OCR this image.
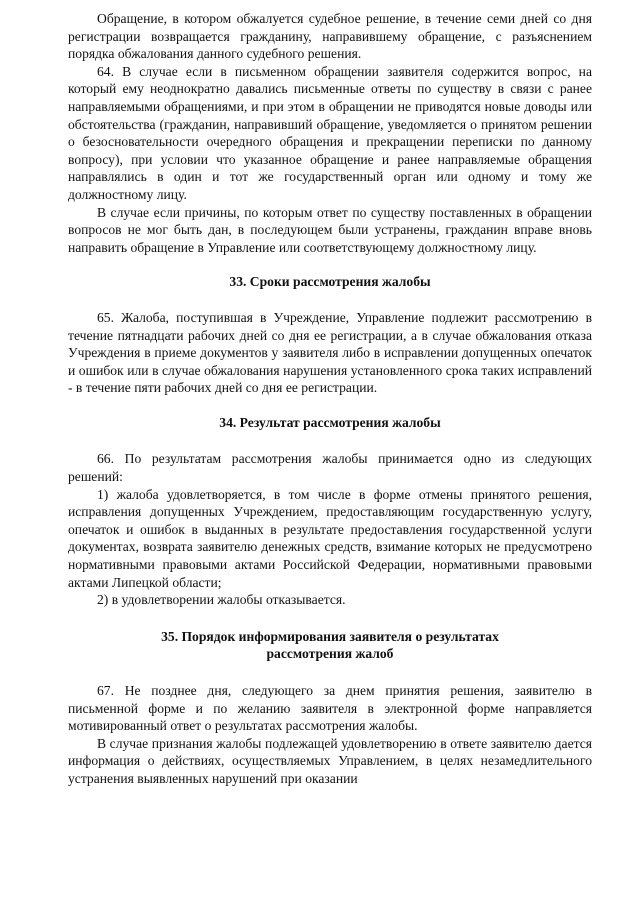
Обращение, в котором обжалуется судебное решение, в течение семи дней со дня регистрации возвращается гражданину, направившему обращение, с разъяснением порядка обжалования данного судебного решения.

64. В случае если в письменном обращении заявителя содержится вопрос, на который ему неоднократно давались письменные ответы по существу в связи с ранее направляемыми обращениями, и при этом в обращении не приводятся новые доводы или обстоятельства (гражданин, направивший обращение, уведомляется о принятом решении о безосновательности очередного обращения и прекращении переписки по данному вопросу), при условии что указанное обращение и ранее направляемые обращения направлялись в один и тот же государственный орган или одному и тому же должностному лицу.

В случае если причины, по которым ответ по существу поставленных в обращении вопросов не мог быть дан, в последующем были устранены, гражданин вправе вновь направить обращение в Управление или соответствующему должностному лицу.

33. Сроки рассмотрения жалобы

65. Жалоба, поступившая в Учреждение, Управление подлежит рассмотрению в течение пятнадцати рабочих дней со дня ее регистрации, а в случае обжалования отказа Учреждения в приеме документов у заявителя либо в исправлении допущенных опечаток и ошибок или в случае обжалования нарушения установленного срока таких исправлений - в течение пяти рабочих дней со дня ее регистрации.

34. Результат рассмотрения жалобы

66. По результатам рассмотрения жалобы принимается одно из следующих решений:

1) жалоба удовлетворяется, в том числе в форме отмены принятого решения, исправления допущенных Учреждением, предоставляющим государственную услугу, опечаток и ошибок в выданных в результате предоставления государственной услуги документах, возврата заявителю денежных средств, взимание которых не предусмотрено нормативными правовыми актами Российской Федерации, нормативными правовыми актами Липецкой области;

2) в удовлетворении жалобы отказывается.

35. Порядок информирования заявителя о результатах
рассмотрения жалоб

67. Не позднее дня, следующего за днем принятия решения, заявителю в письменной форме и по желанию заявителя в электронной форме направляется мотивированный ответ о результатах рассмотрения жалобы.

В случае признания жалобы подлежащей удовлетворению в ответе заявителю дается информация о действиях, осуществляемых Управлением, в целях незамедлительного устранения выявленных нарушений при оказании
